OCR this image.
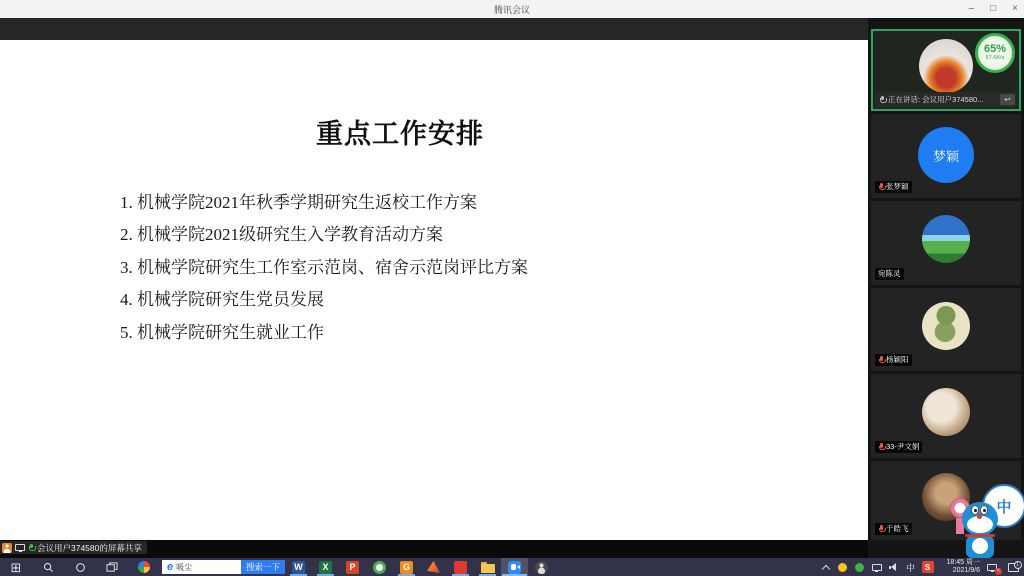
腾讯会议	– □ ×
重点工作安排
1. 机械学院2021年秋季学期研究生返校工作方案
2. 机械学院2021级研究生入学教育活动方案
3. 机械学院研究生工作室示范岗、宿舍示范岗评比方案
4. 机械学院研究生党员发展
5. 机械学院研究生就业工作
会议用户374580的屏幕共享
65%
57.6K/s
正在讲话: 会议用户374580...	↩
梦颖
张梦颖
宛陈灵
杨颖阳
33-尹文娟
于皓飞
中
⊞	e 吸尘	搜索一下	W	X	P	G	中	S	18:45 周一
2021/9/6	×
1
